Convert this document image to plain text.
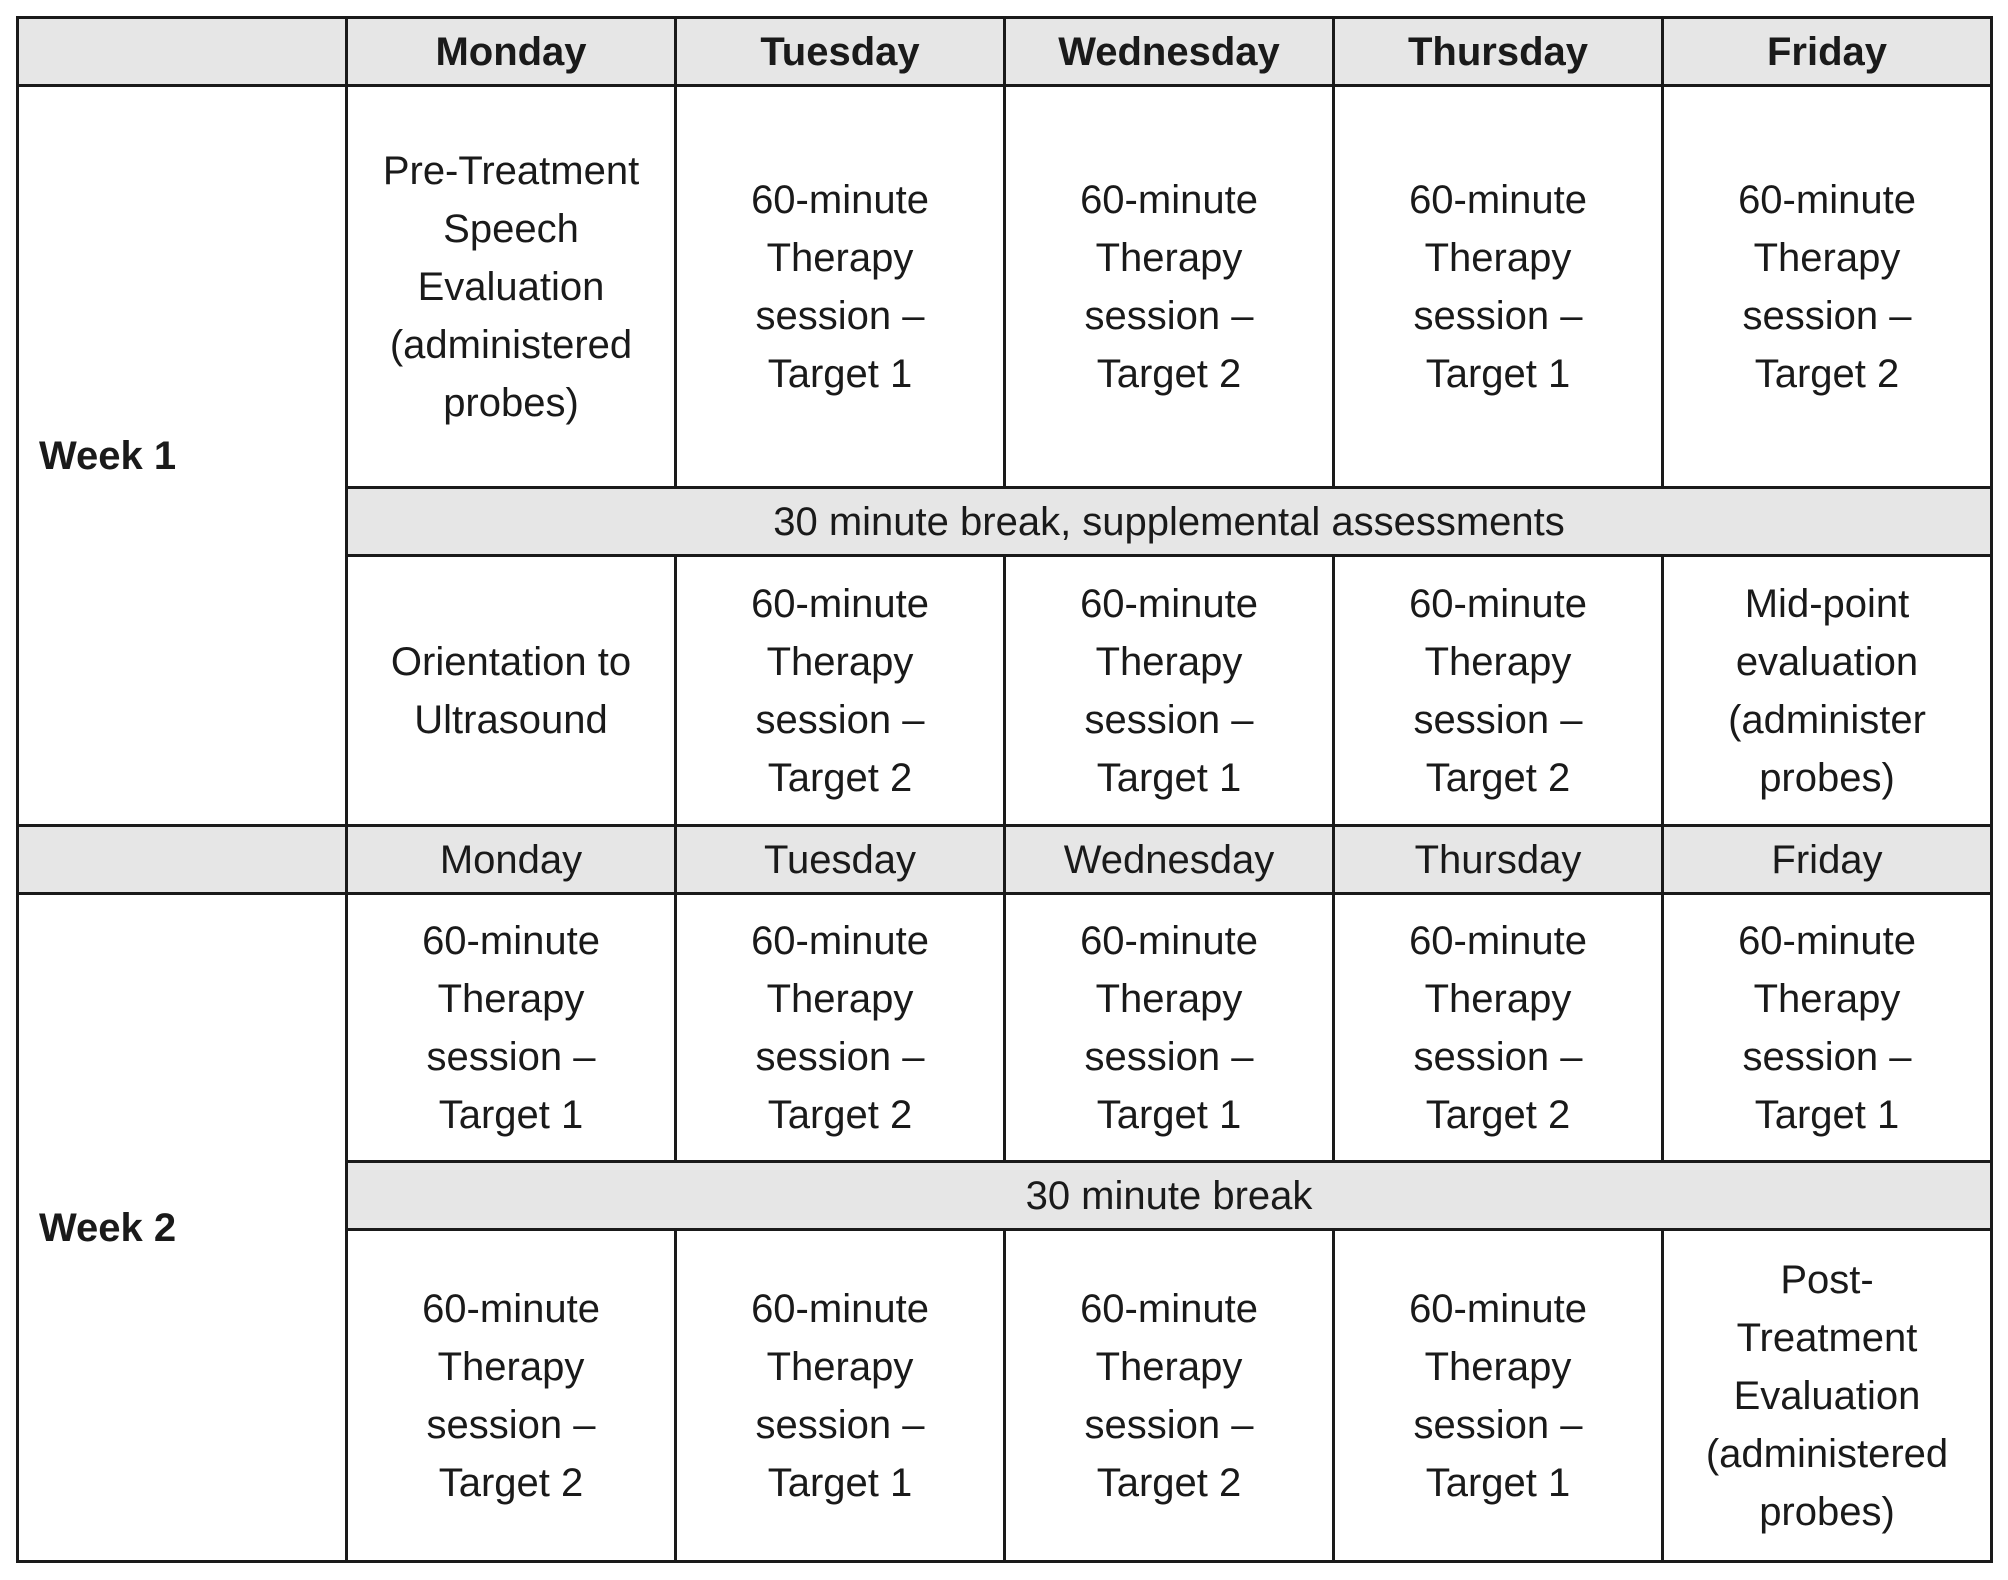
	Monday	Tuesday	Wednesday	Thursday	Friday
Week 1	Pre-Treatment
Speech
Evaluation
(administered
probes)	60-minute
Therapy
session –
Target 1	60-minute
Therapy
session –
Target 2	60-minute
Therapy
session –
Target 1	60-minute
Therapy
session –
Target 2

	30 minute break, supplemental assessments				

	Orientation to
Ultrasound	60-minute
Therapy
session –
Target 2	60-minute
Therapy
session –
Target 1	60-minute
Therapy
session –
Target 2	Mid-point
evaluation
(administer
probes)

	Monday	Tuesday	Wednesday	Thursday	Friday
Week 2	60-minute
Therapy
session –
Target 1	60-minute
Therapy
session –
Target 2	60-minute
Therapy
session –
Target 1	60-minute
Therapy
session –
Target 2	60-minute
Therapy
session –
Target 1

	30 minute break				

	60-minute
Therapy
session –
Target 2	60-minute
Therapy
session –
Target 1	60-minute
Therapy
session –
Target 2	60-minute
Therapy
session –
Target 1	Post-
Treatment
Evaluation
(administered
probes)
